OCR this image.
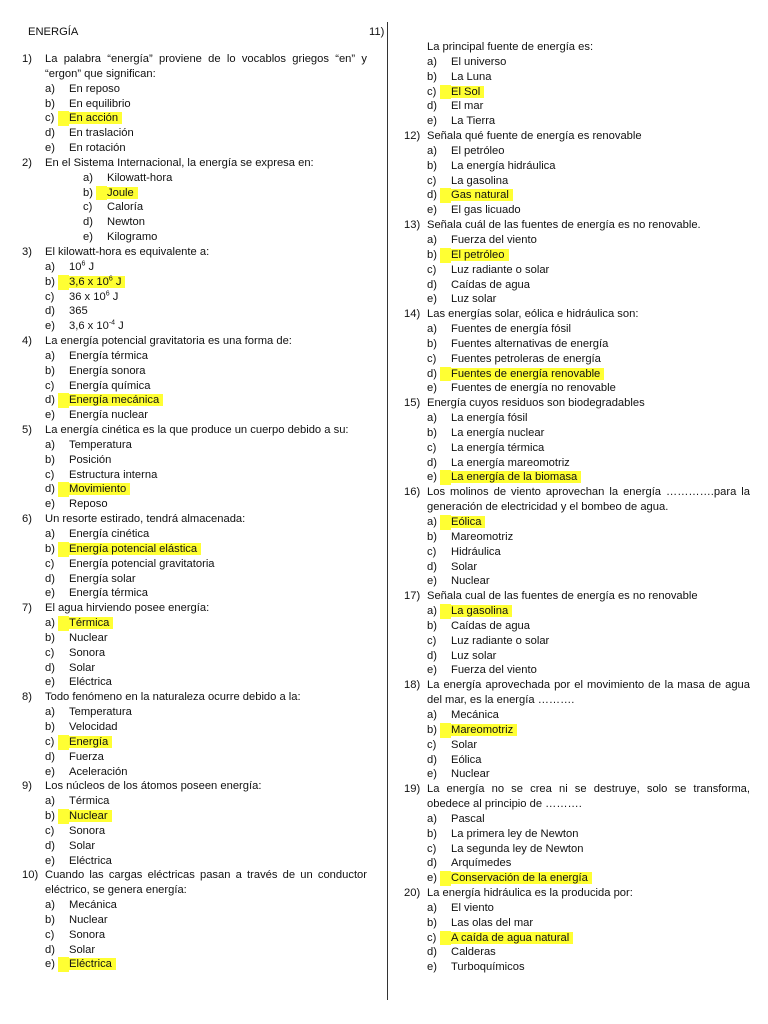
ENERGÍA	11)
1) La palabra “energía” proviene de lo vocablos griegos “en” y “ergon” que significan:
a) En reposo
b) En equilibrio
c) En acción
d) En traslación
e) En rotación
2) En el Sistema Internacional, la energía se expresa en:
a) Kilowatt-hora
b) Joule
c) Caloría
d) Newton
e) Kilogramo
3) El kilowatt-hora es equivalente a:
a) $10^6$ J
b) 3,6 x $10^6$ J
c) 36 x $10^6$ J
d) 365
e) 3,6 x $10^{-4}$ J
4) La energía potencial gravitatoria es una forma de:
a) Energía térmica
b) Energía sonora
c) Energía química
d) Energía mecánica
e) Energía nuclear
5) La energía cinética es la que produce un cuerpo debido a su:
a) Temperatura
b) Posición
c) Estructura interna
d) Movimiento
e) Reposo
6) Un resorte estirado, tendrá almacenada:
a) Energía cinética
b) Energía potencial elástica
c) Energía potencial gravitatoria
d) Energía solar
e) Energía térmica
7) El agua hirviendo posee energía:
a) Térmica
b) Nuclear
c) Sonora
d) Solar
e) Eléctrica
8) Todo fenómeno en la naturaleza ocurre debido a la:
a) Temperatura
b) Velocidad
c) Energía
d) Fuerza
e) Aceleración
9) Los núcleos de los átomos poseen energía:
a) Térmica
b) Nuclear
c) Sonora
d) Solar
e) Eléctrica
10) Cuando las cargas eléctricas pasan a través de un conductor eléctrico, se genera energía:
a) Mecánica
b) Nuclear
c) Sonora
d) Solar
e) Eléctrica
La principal fuente de energía es:
a) El universo
b) La Luna
c) El Sol
d) El mar
e) La Tierra
12) Señala qué fuente de energía es renovable
a) El petróleo
b) La energía hidráulica
c) La gasolina
d) Gas natural
e) El gas licuado
13) Señala cuál de las fuentes de energía es no renovable.
a) Fuerza del viento
b) El petróleo
c) Luz radiante o solar
d) Caídas de agua
e) Luz solar
14) Las energías solar, eólica e hidráulica son:
a) Fuentes de energía fósil
b) Fuentes alternativas de energía
c) Fuentes petroleras de energía
d) Fuentes de energía renovable
e) Fuentes de energía no renovable
15) Energía cuyos residuos son biodegradables
a) La energía fósil
b) La energía nuclear
c) La energía térmica
d) La energía mareomotriz
e) La energía de la biomasa
16) Los molinos de viento aprovechan la energía ………….para la generación de electricidad y el bombeo de agua.
a) Eólica
b) Mareomotriz
c) Hidráulica
d) Solar
e) Nuclear
17) Señala cual de las fuentes de energía es no renovable
a) La gasolina
b) Caídas de agua
c) Luz radiante o solar
d) Luz solar
e) Fuerza del viento
18) La energía aprovechada por el movimiento de la masa de agua del mar, es la energía ……….
a) Mecánica
b) Mareomotriz
c) Solar
d) Eólica
e) Nuclear
19) La energía no se crea ni se destruye, solo se transforma, obedece al principio de ……….
a) Pascal
b) La primera ley de Newton
c) La segunda ley de Newton
d) Arquímedes
e) Conservación de la energía
20) La energía hidráulica es la producida por:
a) El viento
b) Las olas del mar
c) A caída de agua natural
d) Calderas
e) Turboquímicos
